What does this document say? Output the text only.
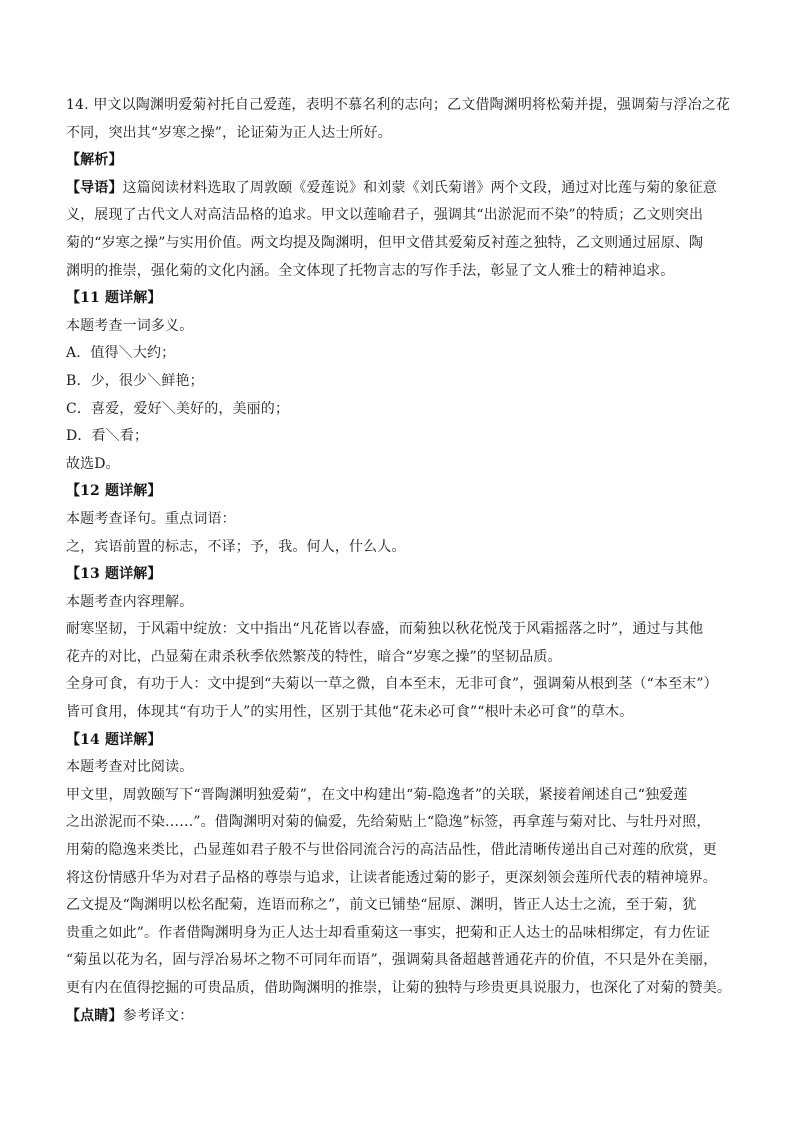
14. 甲文以陶渊明爱菊衬托自己爱莲，表明不慕名利的志向；乙文借陶渊明将松菊并提，强调菊与浮冶之花

不同，突出其“岁寒之操”，论证菊为正人达士所好。

【解析】

【导语】这篇阅读材料选取了周敦颐《爱莲说》和刘蒙《刘氏菊谱》两个文段，通过对比莲与菊的象征意

义，展现了古代文人对高洁品格的追求。甲文以莲喻君子，强调其“出淤泥而不染”的特质；乙文则突出

菊的“岁寒之操”与实用价值。两文均提及陶渊明，但甲文借其爱菊反衬莲之独特，乙文则通过屈原、陶

渊明的推崇，强化菊的文化内涵。全文体现了托物言志的写作手法，彰显了文人雅士的精神追求。

【11 题详解】

本题考查一词多义。

A．值得＼大约；

B．少，很少＼鲜艳；

C．喜爱，爱好＼美好的，美丽的；

D．看＼看；

故选D。

【12 题详解】

本题考查译句。重点词语：

之，宾语前置的标志，不译；予，我。何人，什么人。

【13 题详解】

本题考查内容理解。

耐寒坚韧，于风霜中绽放：文中指出“凡花皆以春盛，而菊独以秋花悦茂于风霜摇落之时”，通过与其他

花卉的对比，凸显菊在肃杀秋季依然繁茂的特性，暗合“岁寒之操”的坚韧品质。

全身可食，有功于人：文中提到“夫菊以一草之微，自本至末，无非可食”，强调菊从根到茎（“本至末”）

皆可食用，体现其“有功于人”的实用性，区别于其他“花未必可食”“根叶未必可食”的草木。

【14 题详解】

本题考查对比阅读。

甲文里，周敦颐写下“晋陶渊明独爱菊”，在文中构建出“菊-隐逸者”的关联，紧接着阐述自己“独爱莲

之出淤泥而不染……”。借陶渊明对菊的偏爱，先给菊贴上“隐逸”标签，再拿莲与菊对比、与牡丹对照，

用菊的隐逸来类比，凸显莲如君子般不与世俗同流合污的高洁品性，借此清晰传递出自己对莲的欣赏，更

将这份情感升华为对君子品格的尊崇与追求，让读者能透过菊的影子，更深刻领会莲所代表的精神境界。

乙文提及“陶渊明以松名配菊，连语而称之”，前文已铺垫“屈原、渊明，皆正人达士之流，至于菊，犹

贵重之如此”。作者借陶渊明身为正人达士却看重菊这一事实，把菊和正人达士的品味相绑定，有力佐证

“菊虽以花为名，固与浮冶易坏之物不可同年而语”，强调菊具备超越普通花卉的价值，不只是外在美丽，

更有内在值得挖掘的可贵品质，借助陶渊明的推崇，让菊的独特与珍贵更具说服力，也深化了对菊的赞美。

【点睛】参考译文：
